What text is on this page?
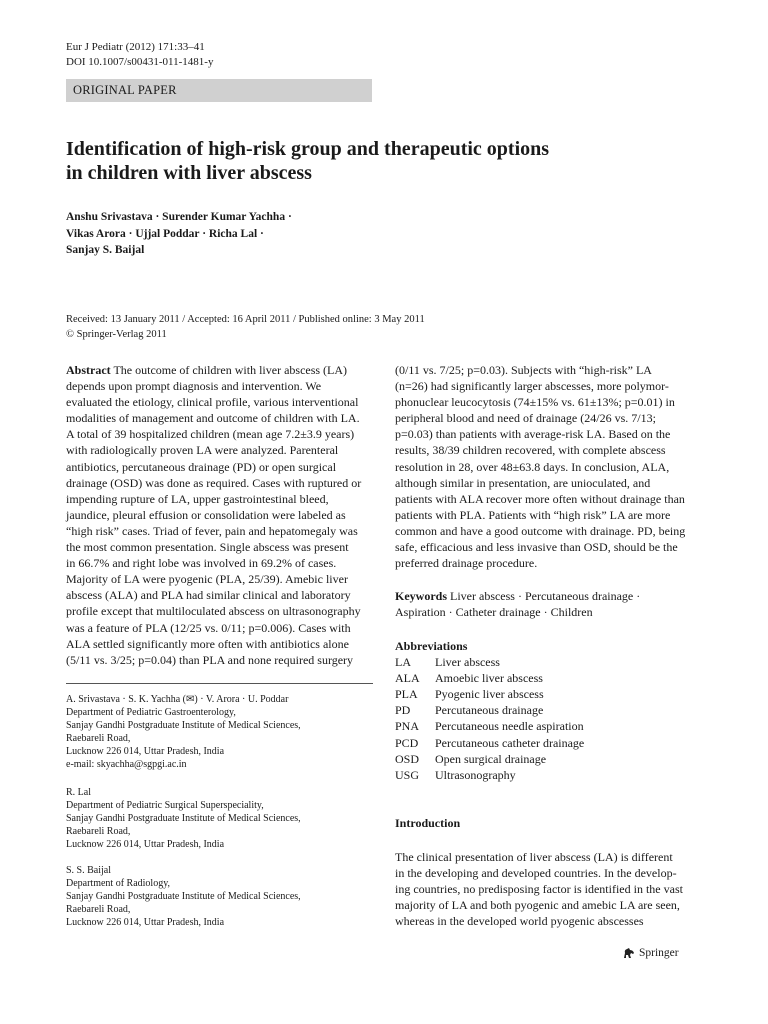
Eur J Pediatr (2012) 171:33–41
DOI 10.1007/s00431-011-1481-y
ORIGINAL PAPER
Identification of high-risk group and therapeutic options
in children with liver abscess
Anshu Srivastava · Surender Kumar Yachha ·
Vikas Arora · Ujjal Poddar · Richa Lal ·
Sanjay S. Baijal
Received: 13 January 2011 / Accepted: 16 April 2011 / Published online: 3 May 2011
© Springer-Verlag 2011
Abstract The outcome of children with liver abscess (LA)
depends upon prompt diagnosis and intervention. We
evaluated the etiology, clinical profile, various interventional
modalities of management and outcome of children with LA.
A total of 39 hospitalized children (mean age 7.2±3.9 years)
with radiologically proven LA were analyzed. Parenteral
antibiotics, percutaneous drainage (PD) or open surgical
drainage (OSD) was done as required. Cases with ruptured or
impending rupture of LA, upper gastrointestinal bleed,
jaundice, pleural effusion or consolidation were labeled as
“high risk” cases. Triad of fever, pain and hepatomegaly was
the most common presentation. Single abscess was present
in 66.7% and right lobe was involved in 69.2% of cases.
Majority of LA were pyogenic (PLA, 25/39). Amebic liver
abscess (ALA) and PLA had similar clinical and laboratory
profile except that multiloculated abscess on ultrasonography
was a feature of PLA (12/25 vs. 0/11; p=0.006). Cases with
ALA settled significantly more often with antibiotics alone
(5/11 vs. 3/25; p=0.04) than PLA and none required surgery
(0/11 vs. 7/25; p=0.03). Subjects with “high-risk” LA
(n=26) had significantly larger abscesses, more polymor-
phonuclear leucocytosis (74±15% vs. 61±13%; p=0.01) in
peripheral blood and need of drainage (24/26 vs. 7/13;
p=0.03) than patients with average-risk LA. Based on the
results, 38/39 children recovered, with complete abscess
resolution in 28, over 48±63.8 days. In conclusion, ALA,
although similar in presentation, are unioculated, and
patients with ALA recover more often without drainage than
patients with PLA. Patients with “high risk” LA are more
common and have a good outcome with drainage. PD, being
safe, efficacious and less invasive than OSD, should be the
preferred drainage procedure.
Keywords Liver abscess · Percutaneous drainage ·
Aspiration · Catheter drainage · Children
Abbreviations
LA	Liver abscess
ALA	Amoebic liver abscess
PLA	Pyogenic liver abscess
PD	Percutaneous drainage
PNA	Percutaneous needle aspiration
PCD	Percutaneous catheter drainage
OSD	Open surgical drainage
USG	Ultrasonography
Introduction
The clinical presentation of liver abscess (LA) is different
in the developing and developed countries. In the develop-
ing countries, no predisposing factor is identified in the vast
majority of LA and both pyogenic and amebic LA are seen,
whereas in the developed world pyogenic abscesses
A. Srivastava · S. K. Yachha (✉) · V. Arora · U. Poddar
Department of Pediatric Gastroenterology,
Sanjay Gandhi Postgraduate Institute of Medical Sciences,
Raebareli Road,
Lucknow 226 014, Uttar Pradesh, India
e-mail: skyachha@sgpgi.ac.in
R. Lal
Department of Pediatric Surgical Superspeciality,
Sanjay Gandhi Postgraduate Institute of Medical Sciences,
Raebareli Road,
Lucknow 226 014, Uttar Pradesh, India
S. S. Baijal
Department of Radiology,
Sanjay Gandhi Postgraduate Institute of Medical Sciences,
Raebareli Road,
Lucknow 226 014, Uttar Pradesh, India
Springer
